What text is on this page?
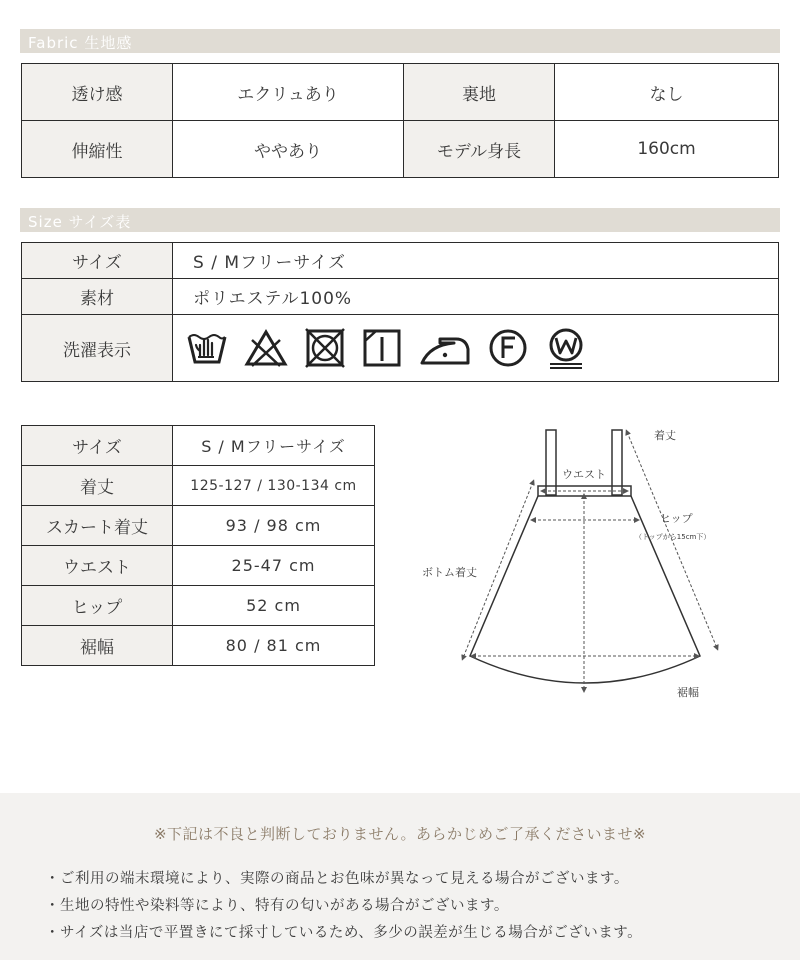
Fabric 生地感
透け感	エクリュあり	裏地	なし
伸縮性	ややあり	モデル身長	160cm
Size サイズ表
サイズ	S / Mフリーサイズ
素材	ポリエステル100%
洗濯表示	
サイズ	S / Mフリーサイズ
着丈	125-127 / 130-134 cm
スカート着丈	93 / 98 cm
ウエスト	25-47 cm
ヒップ	52 cm
裾幅	80 / 81 cm
着丈
ウエスト
ヒップ
（トップから15cm下）
ボトム着丈
裾幅
※下記は不良と判断しておりません。あらかじめご了承くださいませ※
・ご利用の端末環境により、実際の商品とお色味が異なって見える場合がございます。
・生地の特性や染料等により、特有の匂いがある場合がございます。
・サイズは当店で平置きにて採寸しているため、多少の誤差が生じる場合がございます。
